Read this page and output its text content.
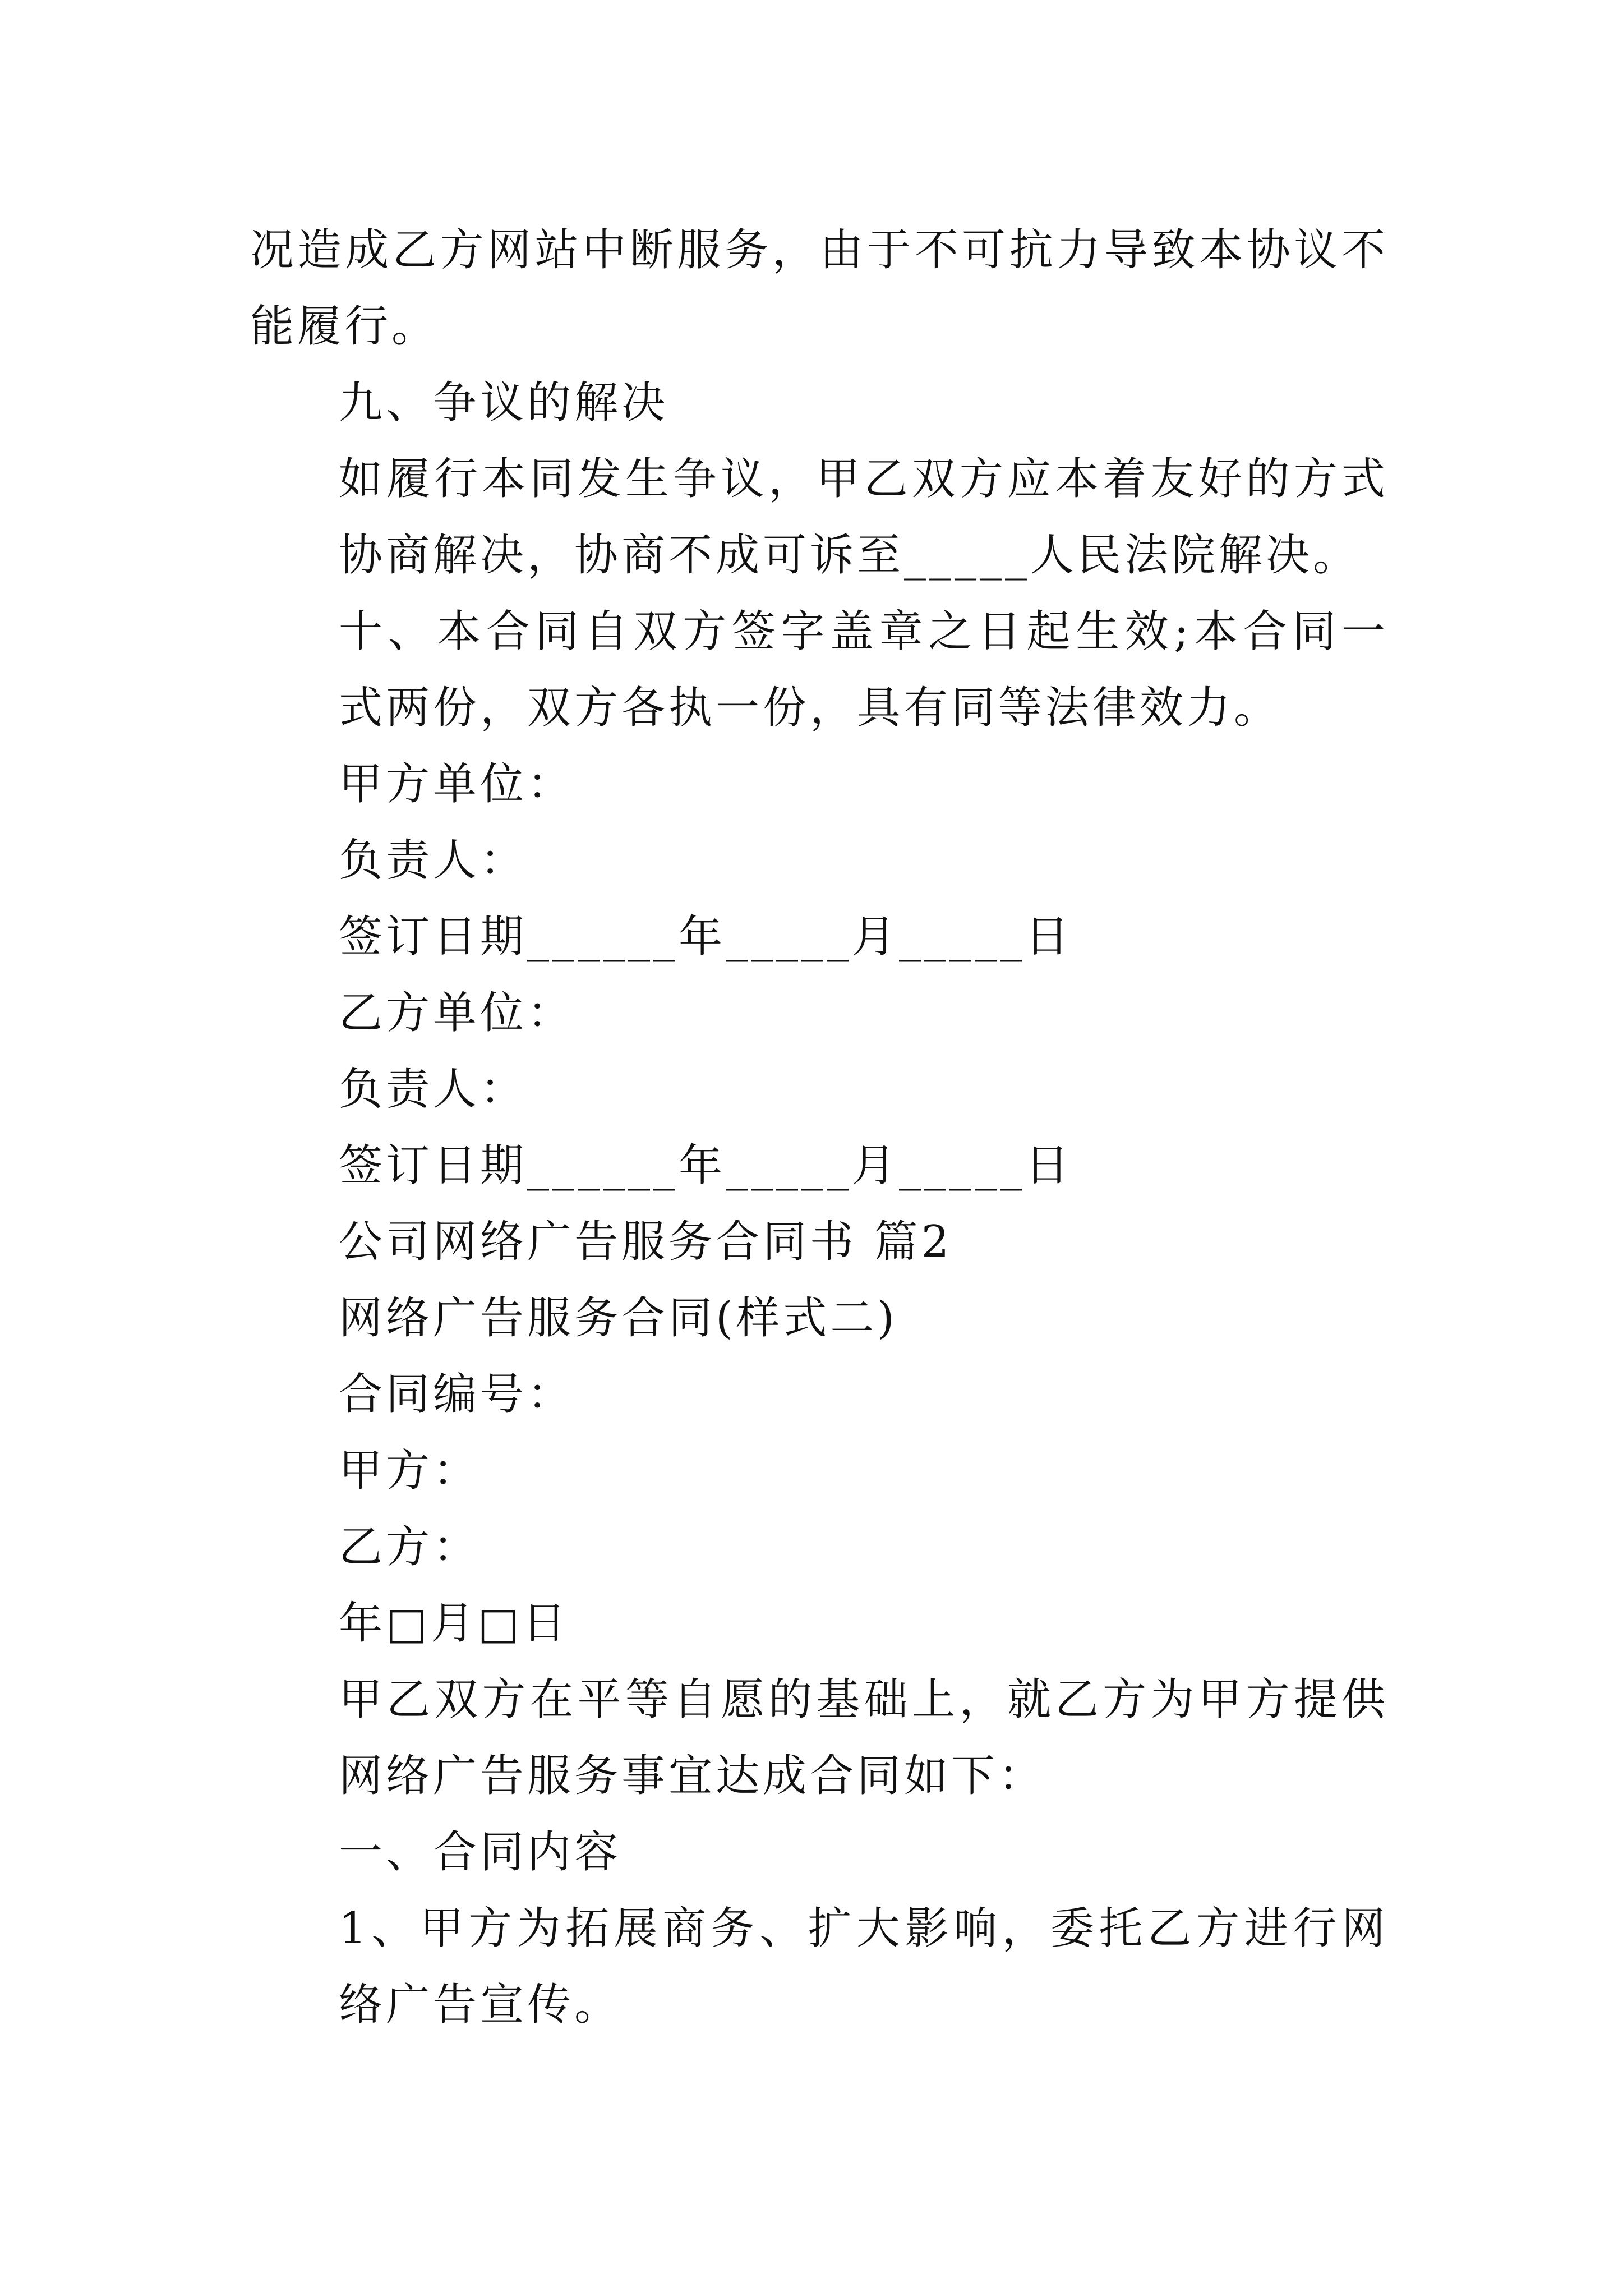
况造成乙方网站中断服务，由于不可抗力导致本协议不能履行。

九、争议的解决

如履行本同发生争议，甲乙双方应本着友好的方式协商解决，协商不成可诉至_____人民法院解决。

十、本合同自双方签字盖章之日起生效;本合同一式两份，双方各执一份，具有同等法律效力。

甲方单位：

负责人：

签订日期______年_____月_____日

乙方单位：

负责人：

签订日期______年_____月_____日

公司网络广告服务合同书 篇2

网络广告服务合同(样式二)

合同编号：

甲方：

乙方：

年□月□日

甲乙双方在平等自愿的基础上，就乙方为甲方提供网络广告服务事宜达成合同如下：

一、合同内容

1、甲方为拓展商务、扩大影响，委托乙方进行网络广告宣传。
